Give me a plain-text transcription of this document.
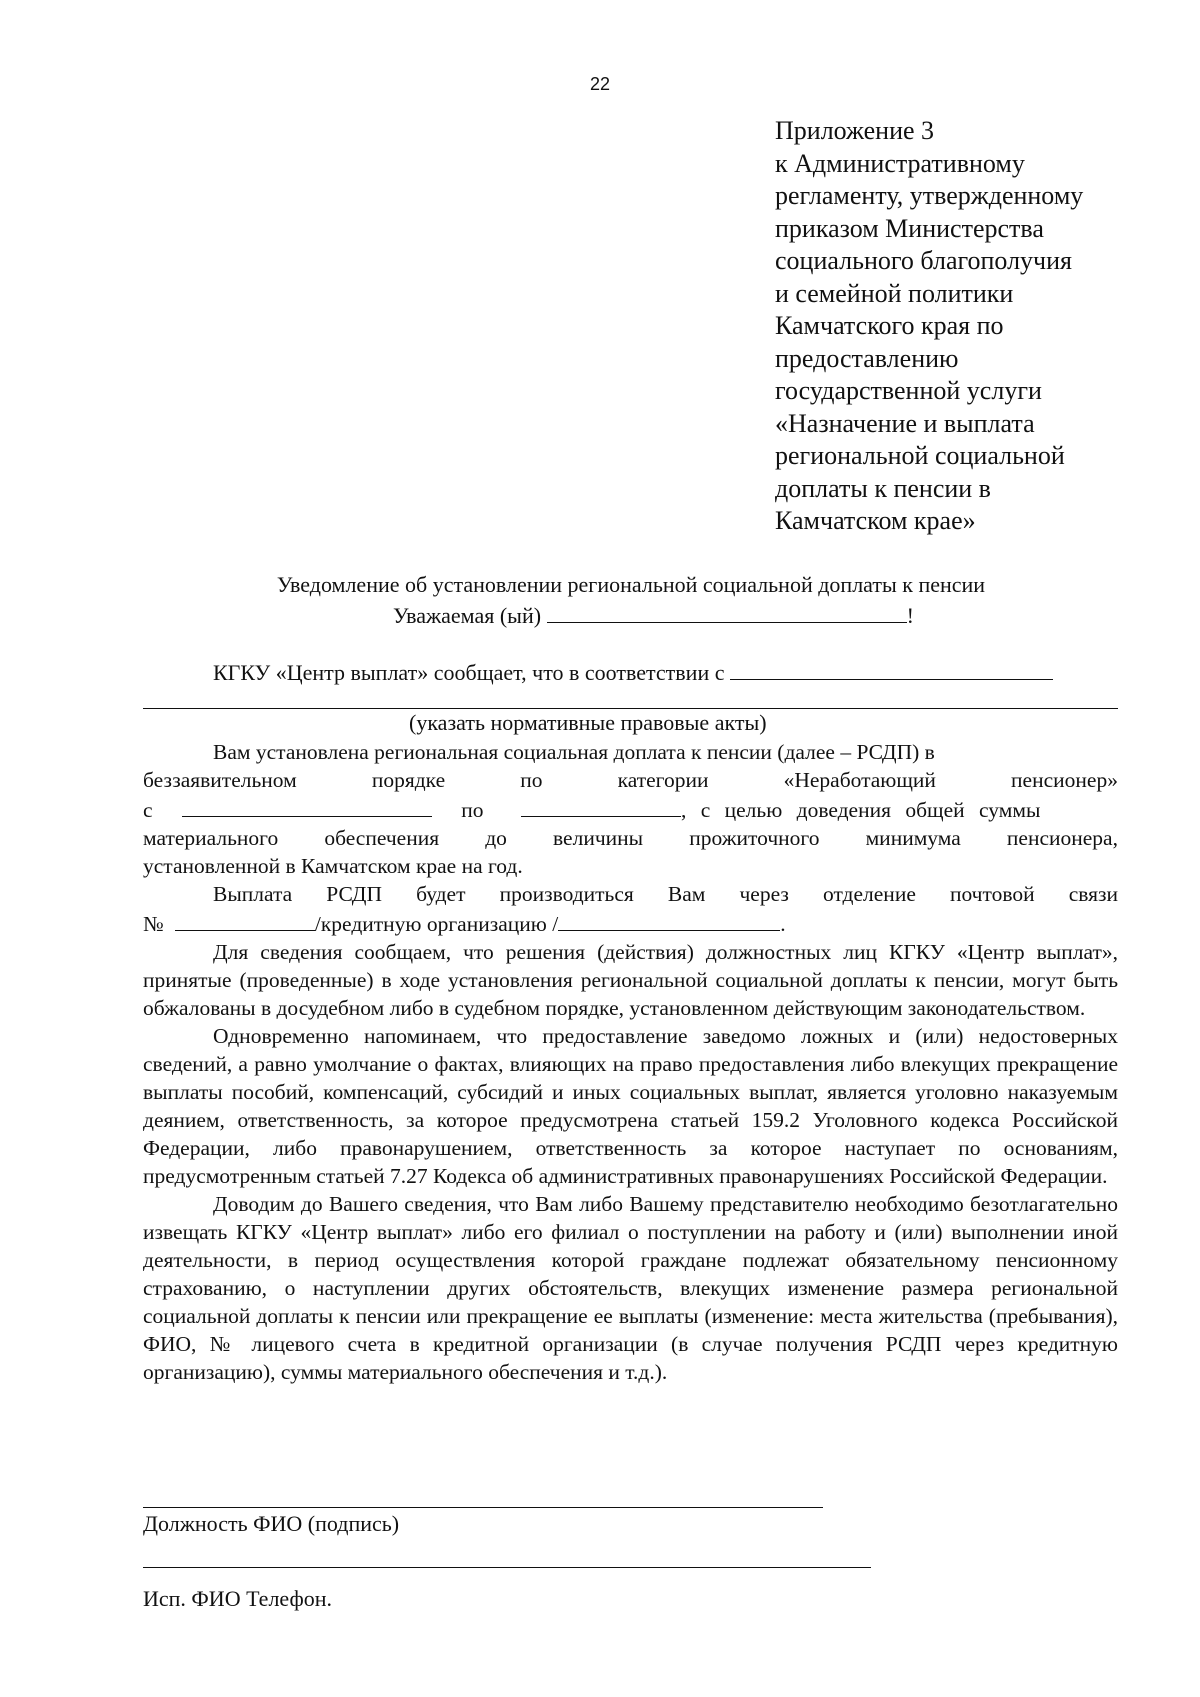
22
Приложение 3
к Административному
регламенту, утвержденному
приказом Министерства
социального благополучия
и семейной политики
Камчатского края по
предоставлению
государственной услуги
«Назначение и выплата
региональной социальной
доплаты к пенсии в
Камчатском крае»
Уведомление об установлении региональной социальной доплаты к пенсии
Уважаемая (ый)	!
КГКУ «Центр выплат» сообщает, что в соответствии с
(указать нормативные правовые акты)

Вам установлена региональная социальная доплата к пенсии (далее – РСДП) в

беззаявительном	порядке	по	категории	«Неработающий	пенсионер»
с	по	, с целью доведения общей суммы
материального обеспечения до величины прожиточного минимума пенсионера,
установленной в Камчатском крае на год.

Выплата РСДП будет производиться Вам через отделение почтовой связи

№	/кредитную организацию /	.

Для сведения сообщаем, что решения (действия) должностных лиц КГКУ «Центр выплат», принятые (проведенные) в ходе установления региональной социальной доплаты к пенсии, могут быть обжалованы в досудебном либо в судебном порядке, установленном действующим законодательством.

Одновременно напоминаем, что предоставление заведомо ложных и (или) недостоверных сведений, а равно умолчание о фактах, влияющих на право предоставления либо влекущих прекращение выплаты пособий, компенсаций, субсидий и иных социальных выплат, является уголовно наказуемым деянием, ответственность, за которое предусмотрена статьей 159.2 Уголовного кодекса Российской Федерации, либо правонарушением, ответственность за которое наступает по основаниям, предусмотренным статьей 7.27 Кодекса об административных правонарушениях Российской Федерации.

Доводим до Вашего сведения, что Вам либо Вашему представителю необходимо безотлагательно извещать КГКУ «Центр выплат» либо его филиал о поступлении на работу и (или) выполнении иной деятельности, в период осуществления которой граждане подлежат обязательному пенсионному страхованию, о наступлении других обстоятельств, влекущих изменение размера региональной социальной доплаты к пенсии или прекращение ее выплаты (изменение: места жительства (пребывания), ФИО, № лицевого счета в кредитной организации (в случае получения РСДП через кредитную организацию), суммы материального обеспечения и т.д.).

Должность ФИО (подпись)
Исп. ФИО Телефон.
